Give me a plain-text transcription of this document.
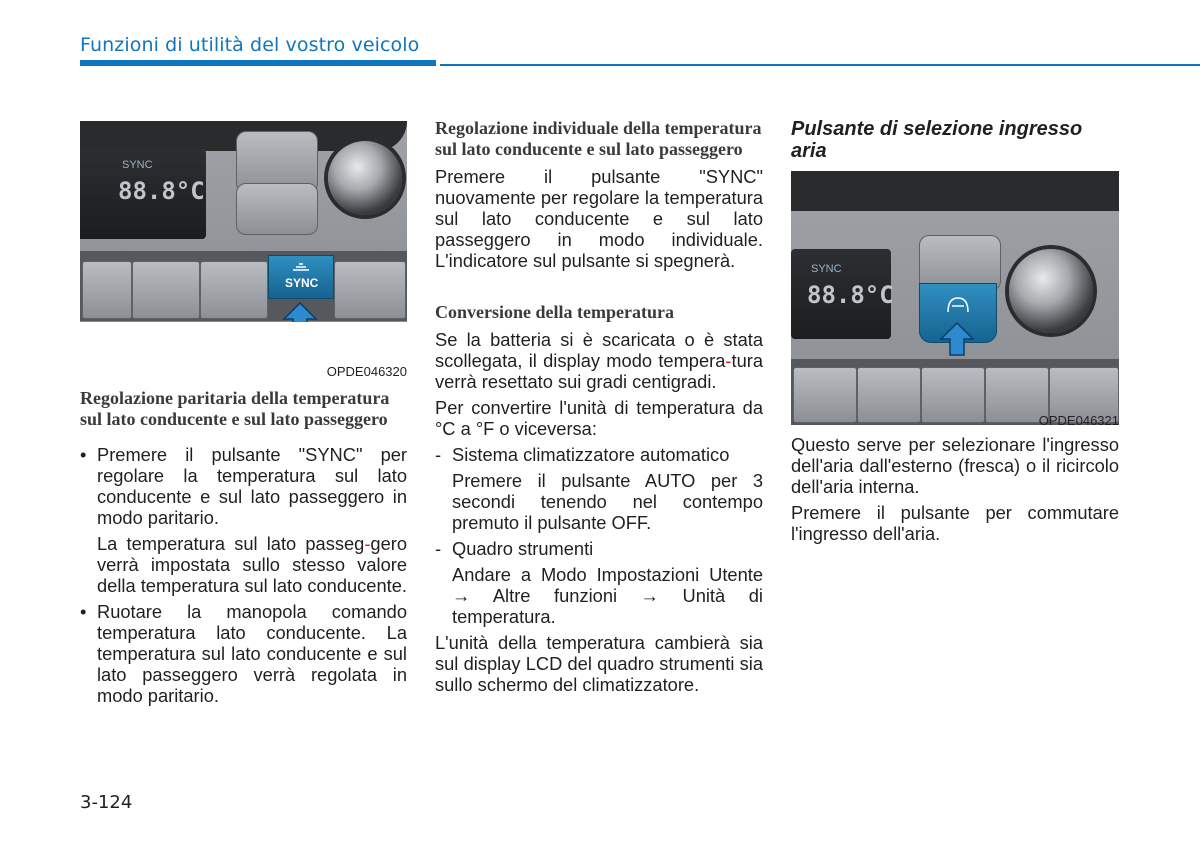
Funzioni di utilità del vostro veicolo
SYNC
88.8°C
SYNC
OPDE046320
Regolazione paritaria della temperatura sul lato conducente e sul lato passeggero
• Premere il pulsante "SYNC" per regolare la temperatura sul lato conducente e sul lato passeggero in modo paritario.
La temperatura sul lato passeg-gero verrà impostata sullo stesso valore della temperatura sul lato conducente.
• Ruotare la manopola comando temperatura lato conducente. La temperatura sul lato conducente e sul lato passeggero verrà regolata in modo paritario.
Regolazione individuale della temperatura sul lato conducente e sul lato passeggero
Premere il pulsante "SYNC" nuovamente per regolare la temperatura sul lato conducente e sul lato passeggero in modo individuale. L'indicatore sul pulsante si spegnerà.
Conversione della temperatura
Se la batteria si è scaricata o è stata scollegata, il display modo tempera-tura verrà resettato sui gradi centigradi.
Per convertire l'unità di temperatura da °C a °F o viceversa:
- Sistema climatizzatore automatico
Premere il pulsante AUTO per 3 secondi tenendo nel contempo premuto il pulsante OFF.
- Quadro strumenti
Andare a Modo Impostazioni Utente → Altre funzioni → Unità di temperatura.
L'unità della temperatura cambierà sia sul display LCD del quadro strumenti sia sullo schermo del climatizzatore.
Pulsante di selezione ingresso aria
SYNC
88.8°C
OPDE046321
Questo serve per selezionare l'ingresso dell'aria dall'esterno (fresca) o il ricircolo dell'aria interna.
Premere il pulsante per commutare l'ingresso dell'aria.
3-124
